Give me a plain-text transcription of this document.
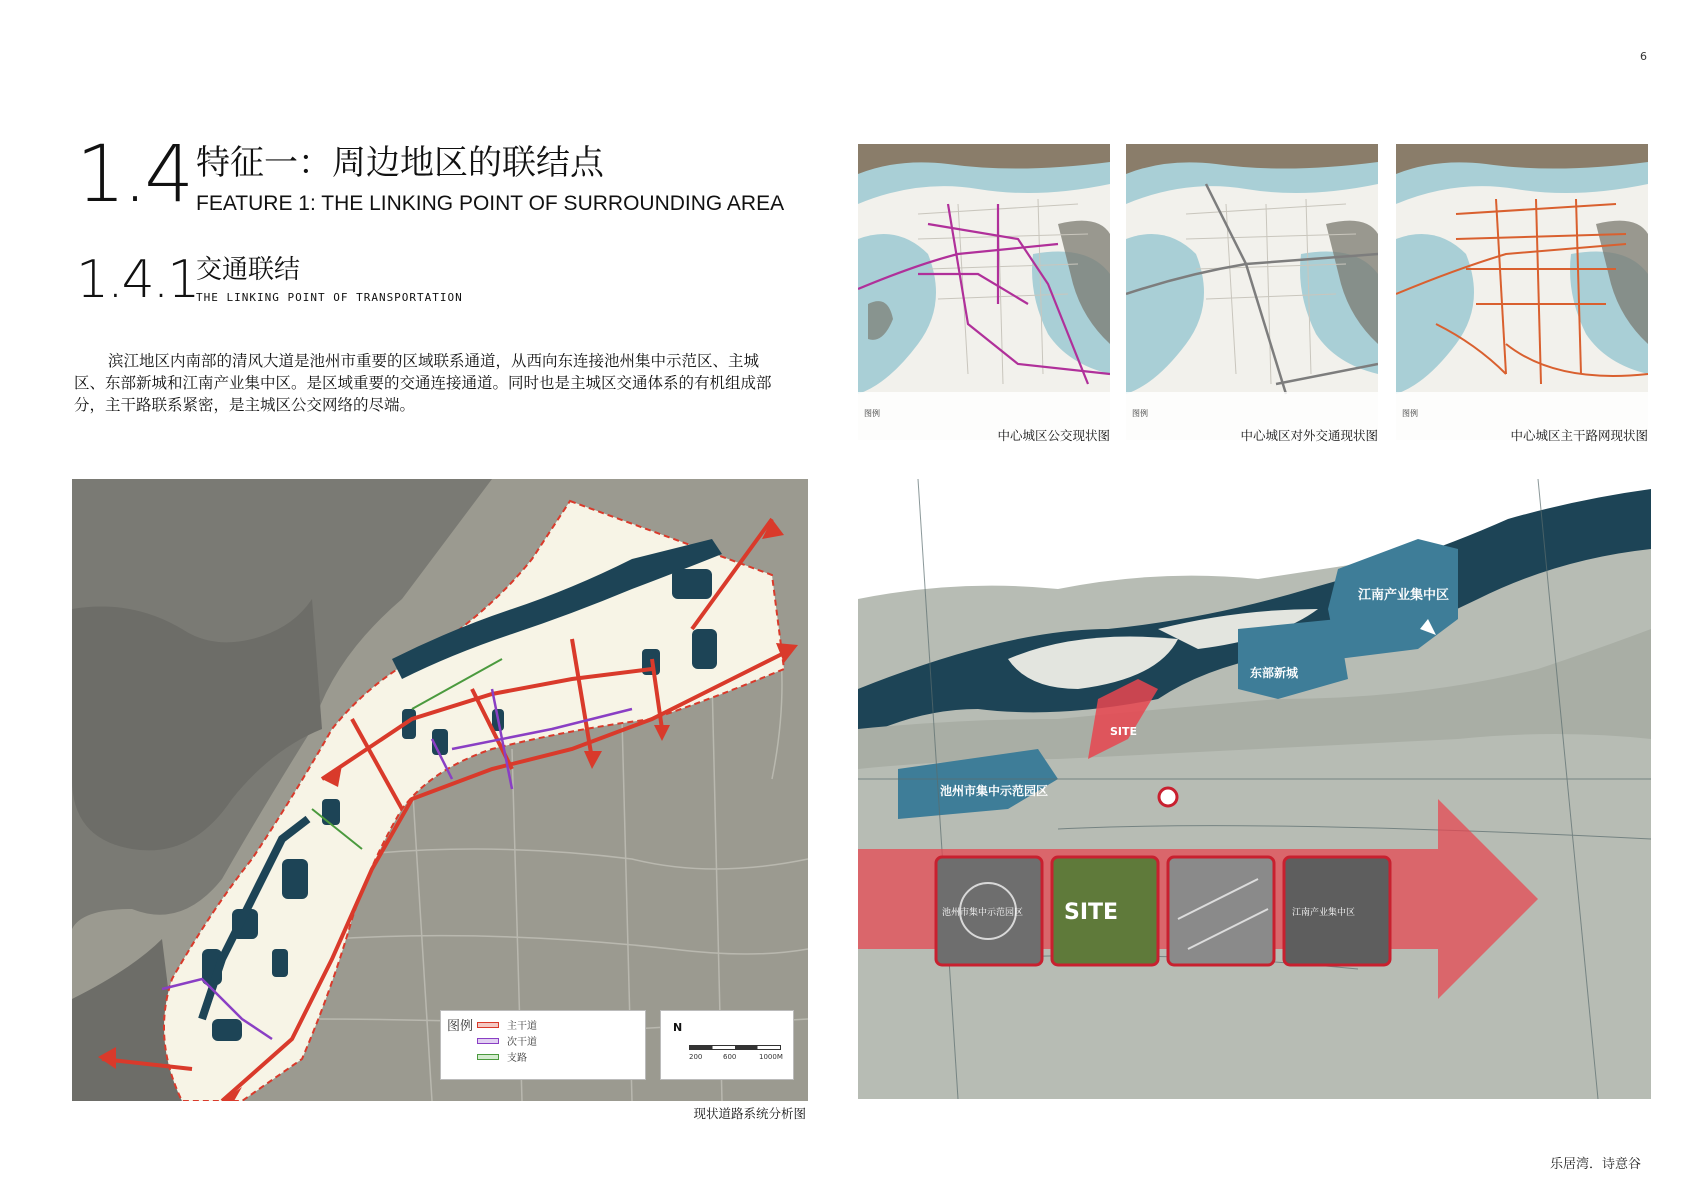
6
1.4 特征一：周边地区的联结点
FEATURE 1: THE LINKING POINT OF SURROUNDING AREA
1.4.1
交通联结
THE LINKING POINT OF TRANSPORTATION

滨江地区内南部的清风大道是池州市重要的区域联系通道，从西向东连接池州集中示范区、主城区、东部新城和江南产业集中区。是区域重要的交通连接通道。同时也是主城区交通体系的有机组成部分，主干路联系紧密，是主城区公交网络的尽端。	图例
中心城区公交现状图
图例
中心城区对外交通现状图
图例
中心城区主干路网现状图
图例	主干道
次干道
支路
N
200	600	1000M
现状道路系统分析图
池州市集中示范园区 SITE	江南产业集中区
江南产业集中区
东部新城
SITE
池州市集中示范园区
乐居湾．诗意谷
